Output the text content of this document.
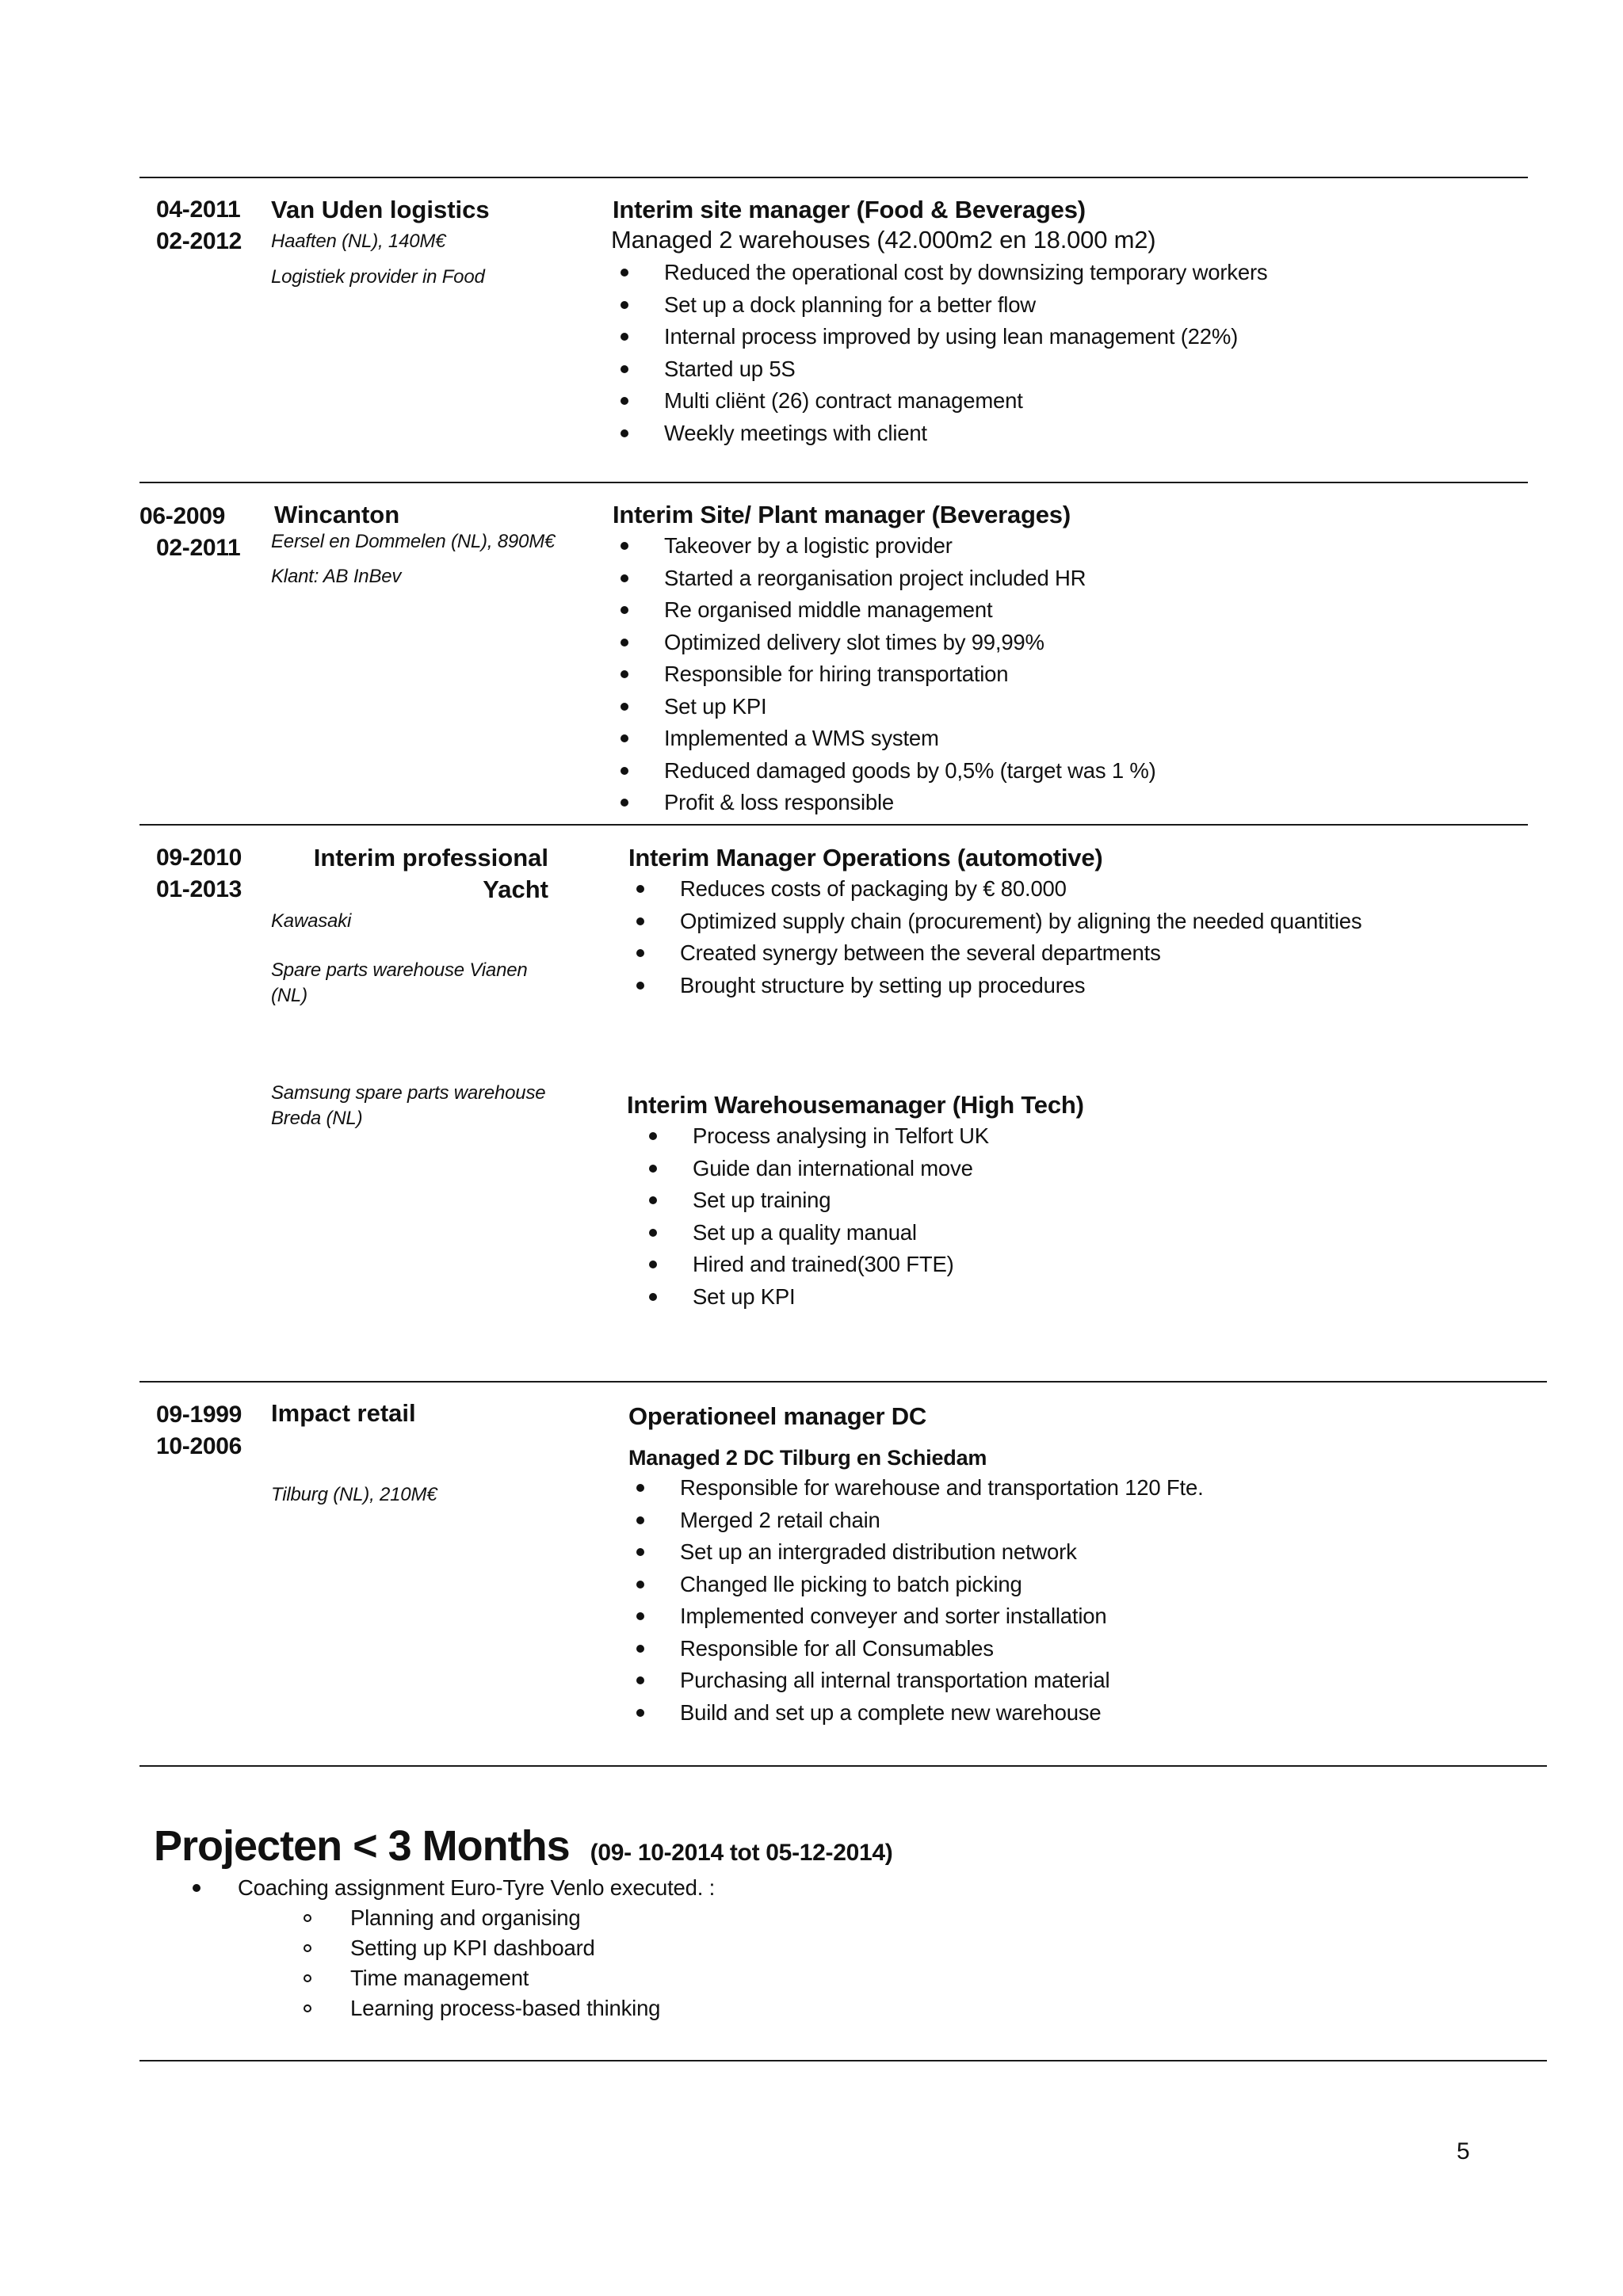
04-2011
02-2012
Van Uden logistics
Haaften (NL), 140M€
Logistiek provider in Food
Interim site manager (Food & Beverages)
Managed 2 warehouses (42.000m2 en 18.000 m2)
Reduced the operational cost by downsizing temporary workers
Set up a dock planning for a better flow
Internal process improved by using lean management (22%)
Started up 5S
Multi cliënt (26) contract management
Weekly meetings with client
06-2009
02-2011
Wincanton
Eersel en Dommelen (NL), 890M€
Klant: AB InBev
Interim Site/ Plant manager (Beverages)
Takeover by a logistic provider
Started a reorganisation project included HR
Re organised middle management
Optimized delivery slot times by 99,99%
Responsible for hiring transportation
Set up KPI
Implemented a WMS system
Reduced damaged goods by 0,5% (target was 1 %)
Profit & loss responsible
09-2010
01-2013
Interim professional
Yacht
Kawasaki
Spare parts warehouse Vianen
(NL)
Samsung spare parts warehouse
Breda (NL)
Interim Manager Operations (automotive)
Reduces costs of packaging by € 80.000
Optimized supply chain (procurement) by aligning the needed quantities
Created synergy between the several departments
Brought structure by setting up procedures
Interim Warehousemanager (High Tech)
Process analysing in Telfort UK
Guide dan international move
Set up training
Set up a quality manual
Hired and trained(300 FTE)
Set up KPI
09-1999
10-2006
Impact retail
Tilburg (NL), 210M€
Operationeel manager DC
Managed 2 DC Tilburg en Schiedam
Responsible for warehouse and transportation 120 Fte.
Merged 2 retail chain
Set up an intergraded distribution network
Changed lle picking to batch picking
Implemented conveyer and sorter installation
Responsible for all Consumables
Purchasing all internal transportation material
Build and set up a complete new warehouse
Projecten < 3 Months (09- 10-2014 tot 05-12-2014)
Coaching assignment Euro-Tyre Venlo executed. :
Planning and organising
Setting up KPI dashboard
Time management
Learning process-based thinking
5
